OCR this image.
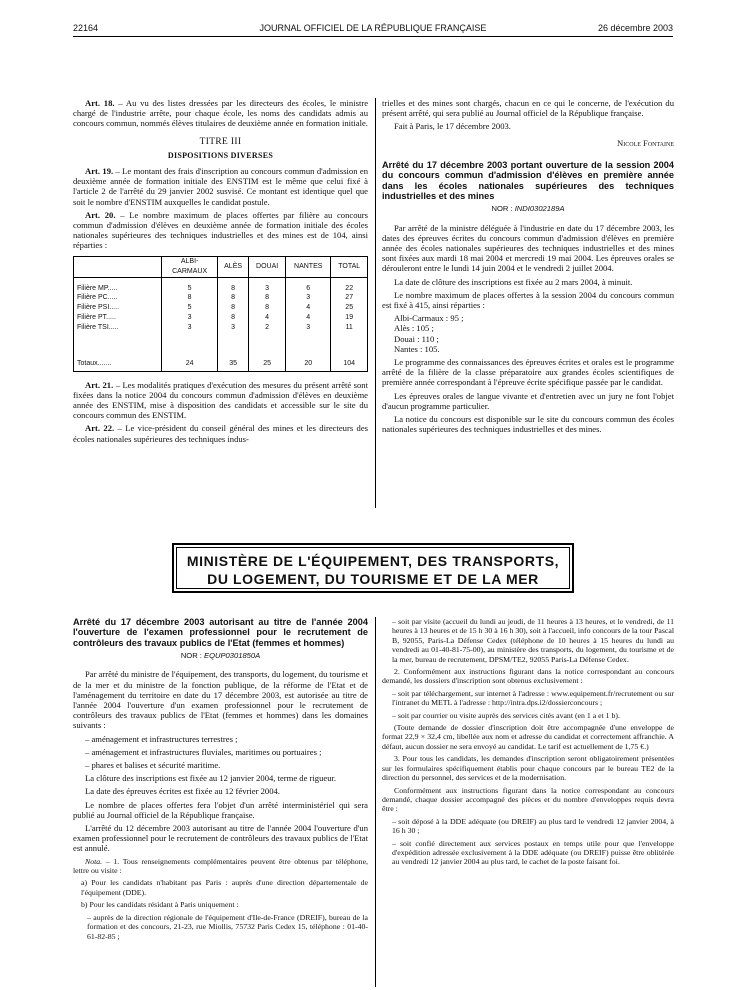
22164	JOURNAL OFFICIEL DE LA RÉPUBLIQUE FRANÇAISE	26 décembre 2003

Art. 18. – Au vu des listes dressées par les directeurs des écoles, le ministre chargé de l'industrie arrête, pour chaque école, les noms des candidats admis au concours commun, nommés élèves titulaires de deuxième année en formation initiale.

TITRE III
DISPOSITIONS DIVERSES

Art. 19. – Le montant des frais d'inscription au concours commun d'admission en deuxième année de formation initiale des ENSTIM est le même que celui fixé à l'article 2 de l'arrêté du 29 janvier 2002 susvisé. Ce montant est identique quel que soit le nombre d'ENSTIM auxquelles le candidat postule.

Art. 20. – Le nombre maximum de places offertes par filière au concours commun d'admission d'élèves en deuxième année de formation initiale des écoles nationales supérieures des techniques industrielles et des mines est de 104, ainsi réparties :

	ALBI-CARMAUX	ALÈS	DOUAI	NANTES	TOTAL

Filière MP.....	5	8	3	6	22
Filière PC.....	8	8	8	3	27
Filière PSI.....	5	8	8	4	25
Filière PT.....	3	8	4	4	19
Filière TSI.....	3	3	2	3	11

Totaux.......	24	35	25	20	104

Art. 21. – Les modalités pratiques d'exécution des mesures du présent arrêté sont fixées dans la notice 2004 du concours commun d'admission d'élèves en deuxième année des ENSTIM, mise à disposition des candidats et accessible sur le site du concours commun des ENSTIM.

Art. 22. – Le vice-président du conseil général des mines et les directeurs des écoles nationales supérieures des techniques indus-

trielles et des mines sont chargés, chacun en ce qui le concerne, de l'exécution du présent arrêté, qui sera publié au Journal officiel de la République française.

Fait à Paris, le 17 décembre 2003.

Nicole Fontaine

Arrêté du 17 décembre 2003 portant ouverture de la session 2004 du concours commun d'admission d'élèves en première année dans les écoles nationales supérieures des techniques industrielles et des mines

NOR : INDI0302189A

Par arrêté de la ministre déléguée à l'industrie en date du 17 décembre 2003, les dates des épreuves écrites du concours commun d'admission d'élèves en première année des écoles nationales supérieures des techniques industrielles et des mines sont fixées aux mardi 18 mai 2004 et mercredi 19 mai 2004. Les épreuves orales se dérouleront entre le lundi 14 juin 2004 et le vendredi 2 juillet 2004.

La date de clôture des inscriptions est fixée au 2 mars 2004, à minuit.

Le nombre maximum de places offertes à la session 2004 du concours commun est fixé à 415, ainsi réparties :

Albi-Carmaux : 95 ;

Alès : 105 ;

Douai : 110 ;

Nantes : 105.

Le programme des connaissances des épreuves écrites et orales est le programme arrêté de la filière de la classe préparatoire aux grandes écoles scientifiques de première année correspondant à l'épreuve écrite spécifique passée par le candidat.

Les épreuves orales de langue vivante et d'entretien avec un jury ne font l'objet d'aucun programme particulier.

La notice du concours est disponible sur le site du concours commun des écoles nationales supérieures des techniques industrielles et des mines.

MINISTÈRE DE L'ÉQUIPEMENT, DES TRANSPORTS,
DU LOGEMENT, DU TOURISME ET DE LA MER

Arrêté du 17 décembre 2003 autorisant au titre de l'année 2004 l'ouverture de l'examen professionnel pour le recrutement de contrôleurs des travaux publics de l'Etat (femmes et hommes)

NOR : EQUP0301850A

Par arrêté du ministre de l'équipement, des transports, du logement, du tourisme et de la mer et du ministre de la fonction publique, de la réforme de l'Etat et de l'aménagement du territoire en date du 17 décembre 2003, est autorisée au titre de l'année 2004 l'ouverture d'un examen professionnel pour le recrutement de contrôleurs des travaux publics de l'Etat (femmes et hommes) dans les domaines suivants :

– aménagement et infrastructures terrestres ;

– aménagement et infrastructures fluviales, maritimes ou portuaires ;

– phares et balises et sécurité maritime.

La clôture des inscriptions est fixée au 12 janvier 2004, terme de rigueur.

La date des épreuves écrites est fixée au 12 février 2004.

Le nombre de places offertes fera l'objet d'un arrêté interministériel qui sera publié au Journal officiel de la République française.

L'arrêté du 12 décembre 2003 autorisant au titre de l'année 2004 l'ouverture d'un examen professionnel pour le recrutement de contrôleurs des travaux publics de l'Etat est annulé.

Nota. – 1. Tous renseignements complémentaires peuvent être obtenus par téléphone, lettre ou visite :

a) Pour les candidats n'habitant pas Paris : auprès d'une direction départementale de l'équipement (DDE).

b) Pour les candidats résidant à Paris uniquement :

– auprès de la direction régionale de l'équipement d'Ile-de-France (DREIF), bureau de la formation et des concours, 21-23, rue Miollis, 75732 Paris Cedex 15, téléphone : 01-40-61-82-85 ;

– soit par visite (accueil du lundi au jeudi, de 11 heures à 13 heures, et le vendredi, de 11 heures à 13 heures et de 15 h 30 à 16 h 30), soit à l'accueil, info concours de la tour Pascal B, 92055, Paris-La Défense Cedex (téléphone de 10 heures à 15 heures du lundi au vendredi au 01-40-81-75-00), au ministère des transports, du logement, du tourisme et de la mer, bureau de recrutement, DPSM/TE2, 92055 Paris-La Défense Cedex.

2. Conformément aux instructions figurant dans la notice correspondant au concours demandé, les dossiers d'inscription sont obtenus exclusivement :

– soit par téléchargement, sur internet à l'adresse : www.equipement.fr/recrutement ou sur l'intranet du METL à l'adresse : http://intra.dps.i2/dossierconcours ;

– soit par courrier ou visite auprès des services cités avant (en 1 a et 1 b).

(Toute demande de dossier d'inscription doit être accompagnée d'une enveloppe de format 22,9 × 32,4 cm, libellée aux nom et adresse du candidat et correctement affranchie. A défaut, aucun dossier ne sera envoyé au candidat. Le tarif est actuellement de 1,75 €.)

3. Pour tous les candidats, les demandes d'inscription seront obligatoirement présentées sur les formulaires spécifiquement établis pour chaque concours par le bureau TE2 de la direction du personnel, des services et de la modernisation.

Conformément aux instructions figurant dans la notice correspondant au concours demandé, chaque dossier accompagné des pièces et du nombre d'enveloppes requis devra être :

– soit déposé à la DDE adéquate (ou DREIF) au plus tard le vendredi 12 janvier 2004, à 16 h 30 ;

– soit confié directement aux services postaux en temps utile pour que l'enveloppe d'expédition adressée exclusivement à la DDE adéquate (ou DREIF) puisse être oblitérée au vendredi 12 janvier 2004 au plus tard, le cachet de la poste faisant foi.
